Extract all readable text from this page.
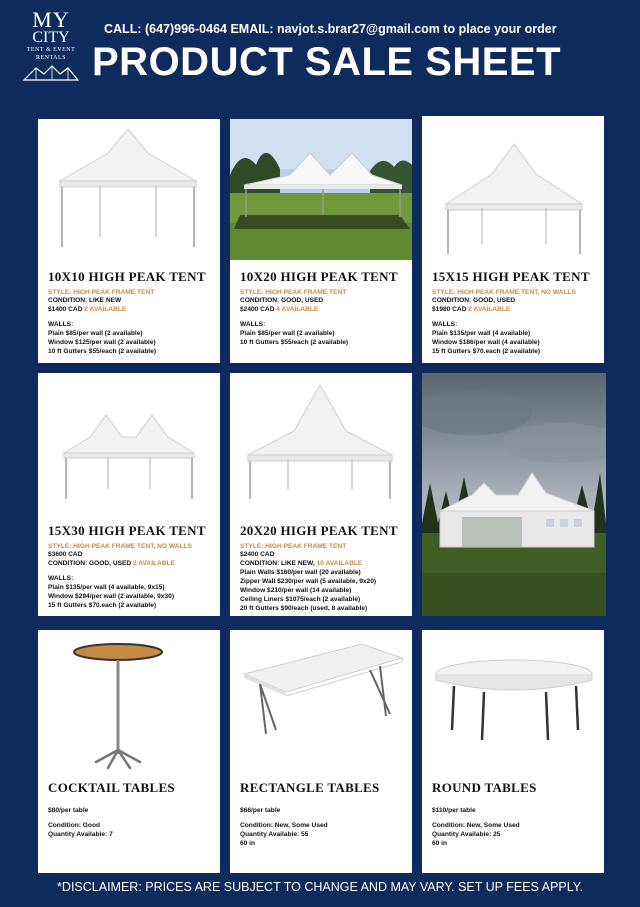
MY
CITY
TENT & EVENT RENTALS
CALL: (647)996-0464 EMAIL: navjot.s.brar27@gmail.com to place your order
PRODUCT SALE SHEET
10X10 HIGH PEAK TENT
STYLE: HIGH PEAK FRAME TENT
CONDITION: LIKE NEW
$1400 CAD 2 AVAILABLE
WALLS:
Plain $85/per wall (2 available)
Window $125/per wall (2 available)
10 ft Gutters $55/each (2 available)
10X20 HIGH PEAK TENT
STYLE: HIGH PEAK FRAME TENT
CONDITION: GOOD, USED
$2400 CAD 4 AVAILABLE
WALLS:
Plain $85/per wall (2 available)
10 ft Gutters $55/each (2 available)
15X15 HIGH PEAK TENT
STYLE: HIGH PEAK FRAME TENT, NO WALLS
CONDITION: GOOD, USED
$1980 CAD 2 AVAILABLE
WALLS:
Plain $135/per wall (4 available)
Window $186/per wall (4 available)
15 ft Gutters $70.each (2 available)
15X30 HIGH PEAK TENT
STYLE: HIGH PEAK FRAME TENT, NO WALLS
$3600 CAD
CONDITION: GOOD, USED 2 AVAILABLE
WALLS:
Plain $135/per wall (4 available, 9x15)
Window $294/per wall (2 available, 9x30)
15 ft Gutters $70.each (2 available)
20X20 HIGH PEAK TENT
STYLE: HIGH PEAK FRAME TENT
$2400 CAD
CONDITION: LIKE NEW, 10 AVAILABLE
Plain Walls $160/per wall (20 available)
Zipper Wall $230/per wall (5 available, 9x20)
Window $210/per wall (14 available)
Ceiling Liners $1075/each (2 available)
20 ft Gutters $90/each (used, 8 available)
COCKTAIL TABLES
$80/per table
Condition: Good
Quantity Available: 7
RECTANGLE TABLES
$66/per table
Condition: New, Some Used
Quantity Available: 55
60 in
ROUND TABLES
$110/per table
Condition: New, Some Used
Quantity Available: 25
60 in
*DISCLAIMER: PRICES ARE SUBJECT TO CHANGE AND MAY VARY. SET UP FEES APPLY.
